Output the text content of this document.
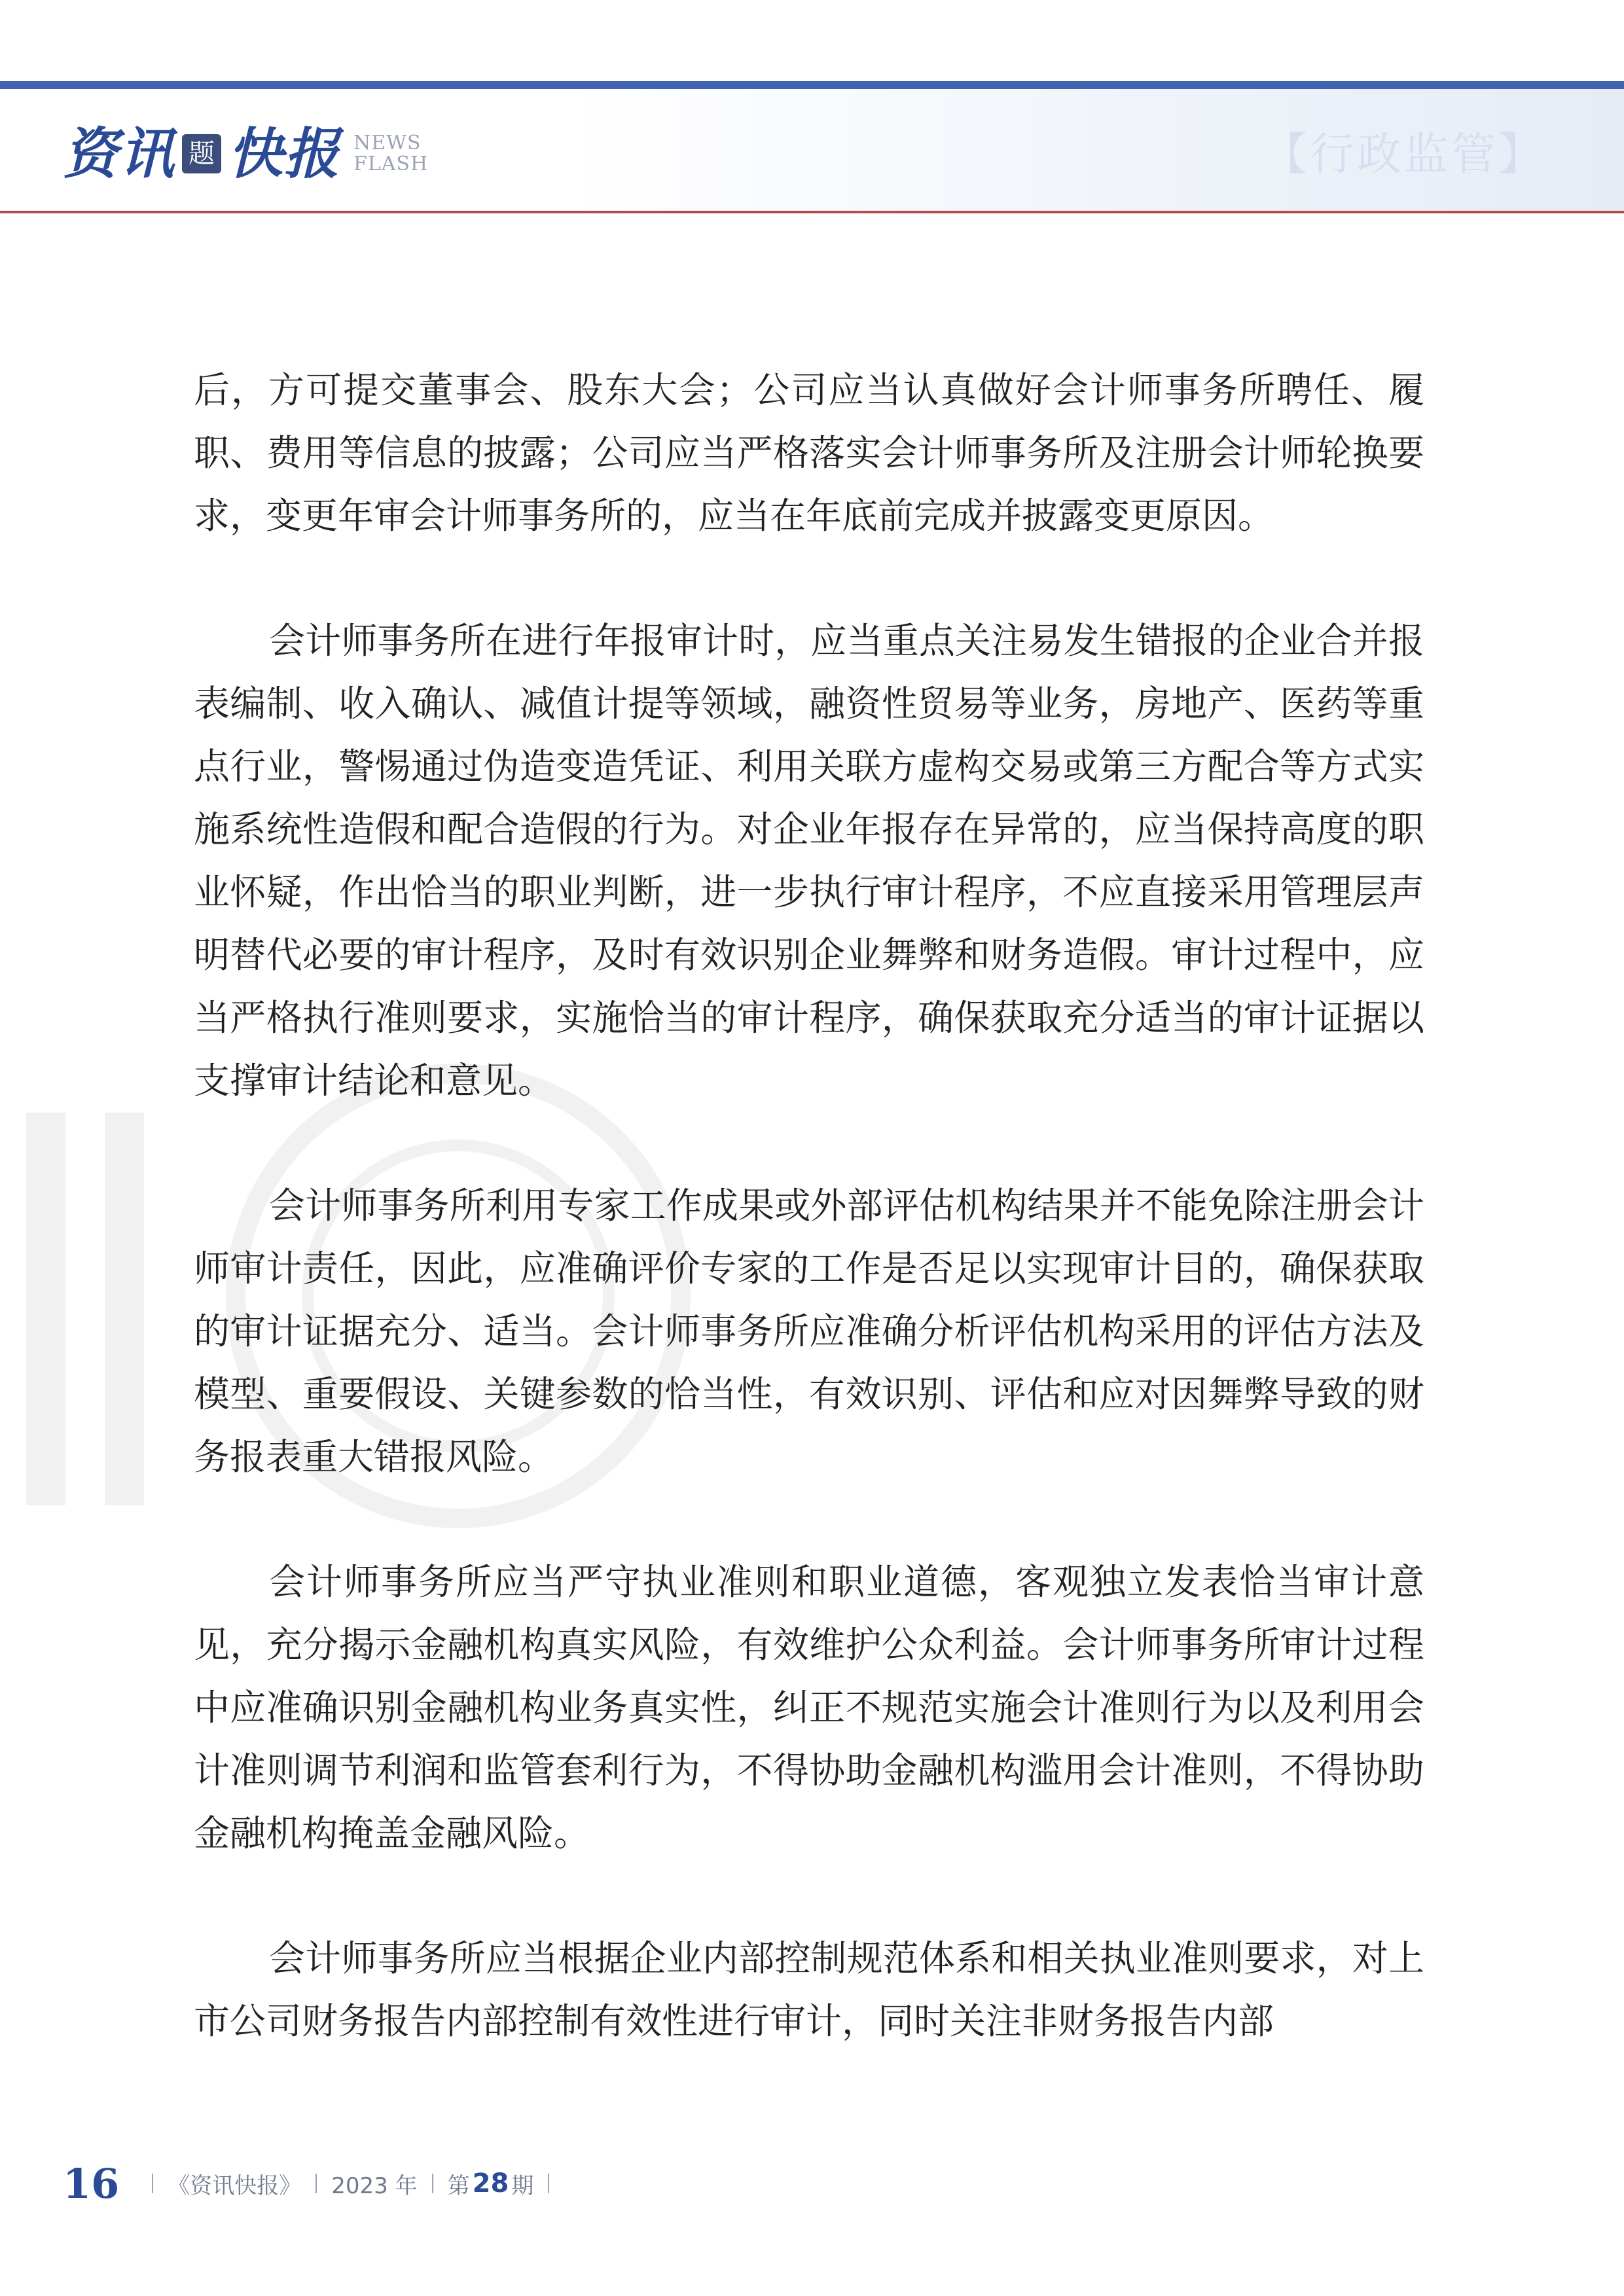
资讯 题 快报 NEWS
FLASH	【行政监管】

后，方可提交董事会、股东大会；公司应当认真做好会计师事务所聘任、履职、费用等信息的披露；公司应当严格落实会计师事务所及注册会计师轮换要求，变更年审会计师事务所的，应当在年底前完成并披露变更原因。

会计师事务所在进行年报审计时，应当重点关注易发生错报的企业合并报表编制、收入确认、减值计提等领域，融资性贸易等业务，房地产、医药等重点行业，警惕通过伪造变造凭证、利用关联方虚构交易或第三方配合等方式实施系统性造假和配合造假的行为。对企业年报存在异常的，应当保持高度的职业怀疑，作出恰当的职业判断，进一步执行审计程序，不应直接采用管理层声明替代必要的审计程序，及时有效识别企业舞弊和财务造假。审计过程中，应当严格执行准则要求，实施恰当的审计程序，确保获取充分适当的审计证据以支撑审计结论和意见。

会计师事务所利用专家工作成果或外部评估机构结果并不能免除注册会计师审计责任，因此，应准确评价专家的工作是否足以实现审计目的，确保获取的审计证据充分、适当。会计师事务所应准确分析评估机构采用的评估方法及模型、重要假设、关键参数的恰当性，有效识别、评估和应对因舞弊导致的财务报表重大错报风险。

会计师事务所应当严守执业准则和职业道德，客观独立发表恰当审计意见，充分揭示金融机构真实风险，有效维护公众利益。会计师事务所审计过程中应准确识别金融机构业务真实性，纠正不规范实施会计准则行为以及利用会计准则调节利润和监管套利行为，不得协助金融机构滥用会计准则，不得协助金融机构掩盖金融风险。

会计师事务所应当根据企业内部控制规范体系和相关执业准则要求，对上市公司财务报告内部控制有效性进行审计，同时关注非财务报告内部

16 《资讯快报》 2023 年 第 28 期
